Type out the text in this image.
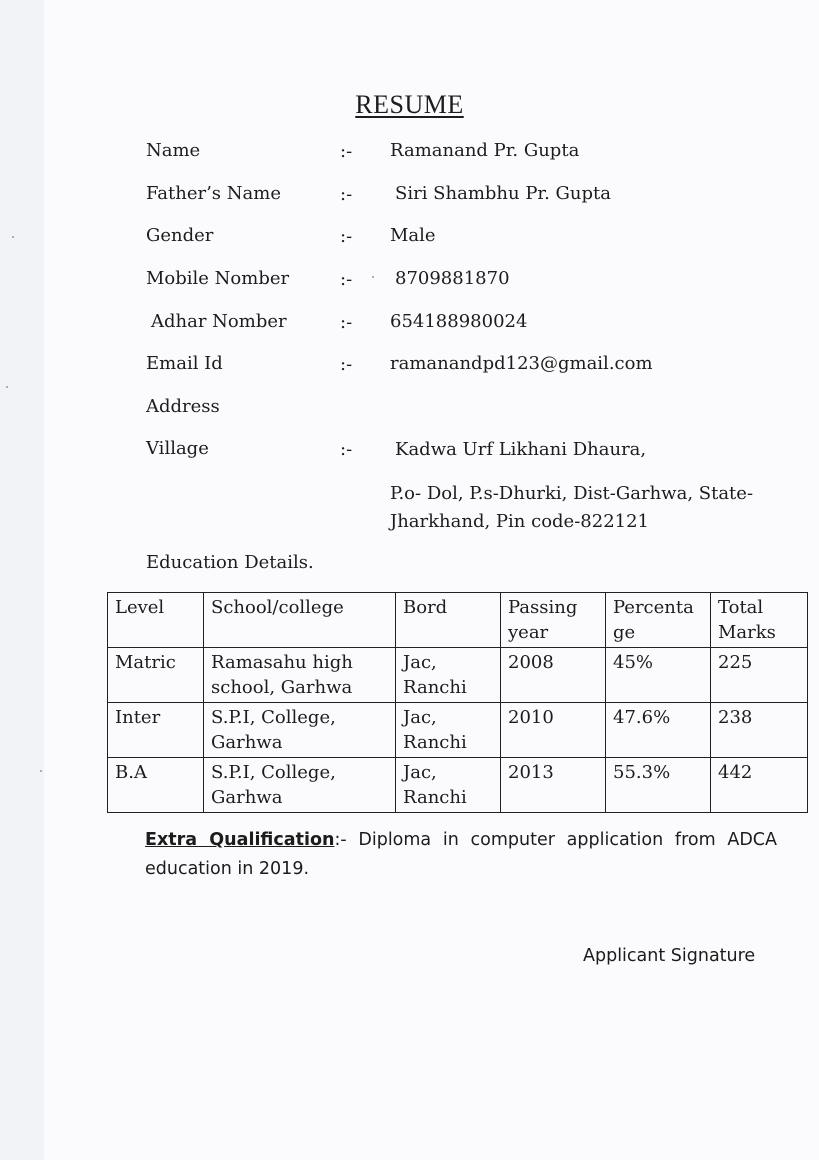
RESUME
Name	:- Ramanand Pr. Gupta
Father’s Name	:- Siri Shambhu Pr. Gupta
Gender	:- Male
Mobile Nomber	:- 8709881870
Adhar Nomber	:- 654188980024
Email Id	:- ramanandpd123@gmail.com
Address
Village	:- Kadwa Urf Likhani Dhaura,
P.o- Dol, P.s-Dhurki, Dist-Garhwa, State-
Jharkhand, Pin code-822121
Education Details.
Level	School/college	Bord	Passing year	Percentage	Total Marks
Matric	Ramasahu high school, Garhwa	Jac, Ranchi	2008	45%	225
Inter	S.P.I, College, Garhwa	Jac, Ranchi	2010	47.6%	238
B.A	S.P.I, College, Garhwa	Jac, Ranchi	2013	55.3%	442
Extra Qualification:- Diploma in computer application from ADCA education in 2019.
Applicant Signature
